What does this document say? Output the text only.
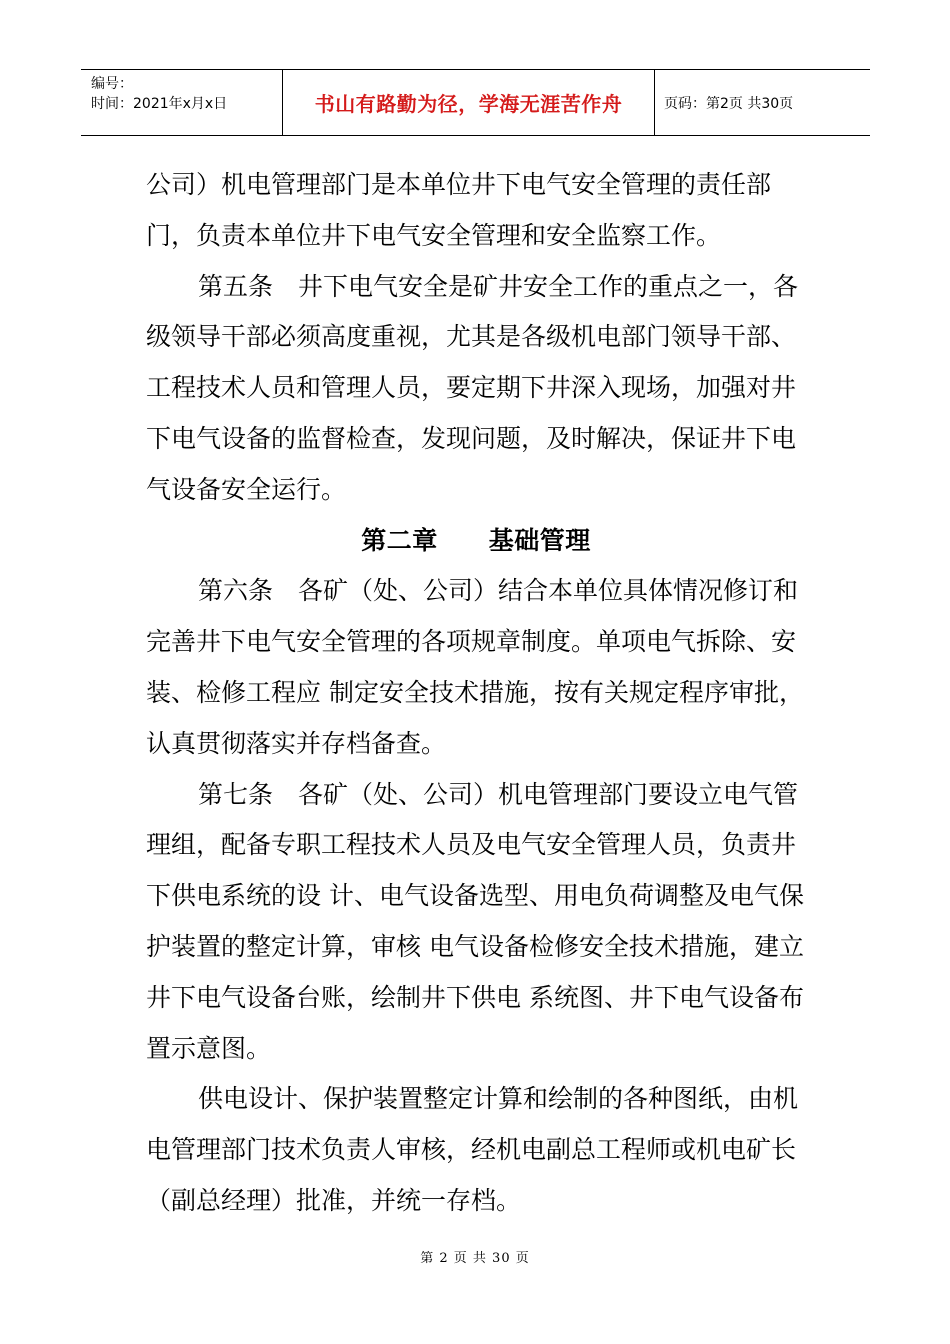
编号：
时间：2021年x月x日	书山有路勤为径，学海无涯苦作舟	页码：第2页 共30页

公司）机电管理部门是本单位井下电气安全管理的责任部门，负责本单位井下电气安全管理和安全监察工作。

第五条　井下电气安全是矿井安全工作的重点之一，各级领导干部必须高度重视，尤其是各级机电部门领导干部、工程技术人员和管理人员，要定期下井深入现场，加强对井下电气设备的监督检查，发现问题，及时解决，保证井下电气设备安全运行。

第二章　　基础管理

第六条　各矿（处、公司）结合本单位具体情况修订和完善井下电气安全管理的各项规章制度。单项电气拆除、安装、检修工程应 制定安全技术措施，按有关规定程序审批，认真贯彻落实并存档备查。

第七条　各矿（处、公司）机电管理部门要设立电气管理组，配备专职工程技术人员及电气安全管理人员，负责井下供电系统的设 计、电气设备选型、用电负荷调整及电气保护装置的整定计算，审核 电气设备检修安全技术措施，建立井下电气设备台账，绘制井下供电 系统图、井下电气设备布置示意图。

供电设计、保护装置整定计算和绘制的各种图纸，由机电管理部门技术负责人审核，经机电副总工程师或机电矿长（副总经理）批准，并统一存档。

第 2 页 共 30 页
